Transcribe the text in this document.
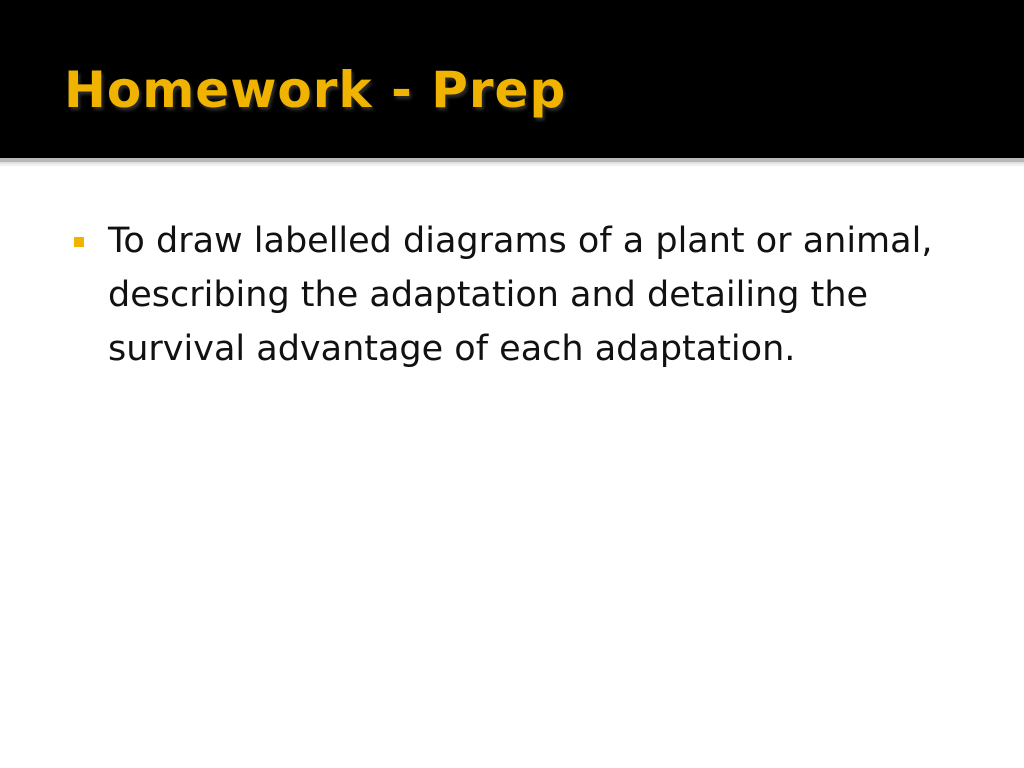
Homework - Prep
To draw labelled diagrams of a plant or animal, describing the adaptation and detailing the survival advantage of each adaptation.
